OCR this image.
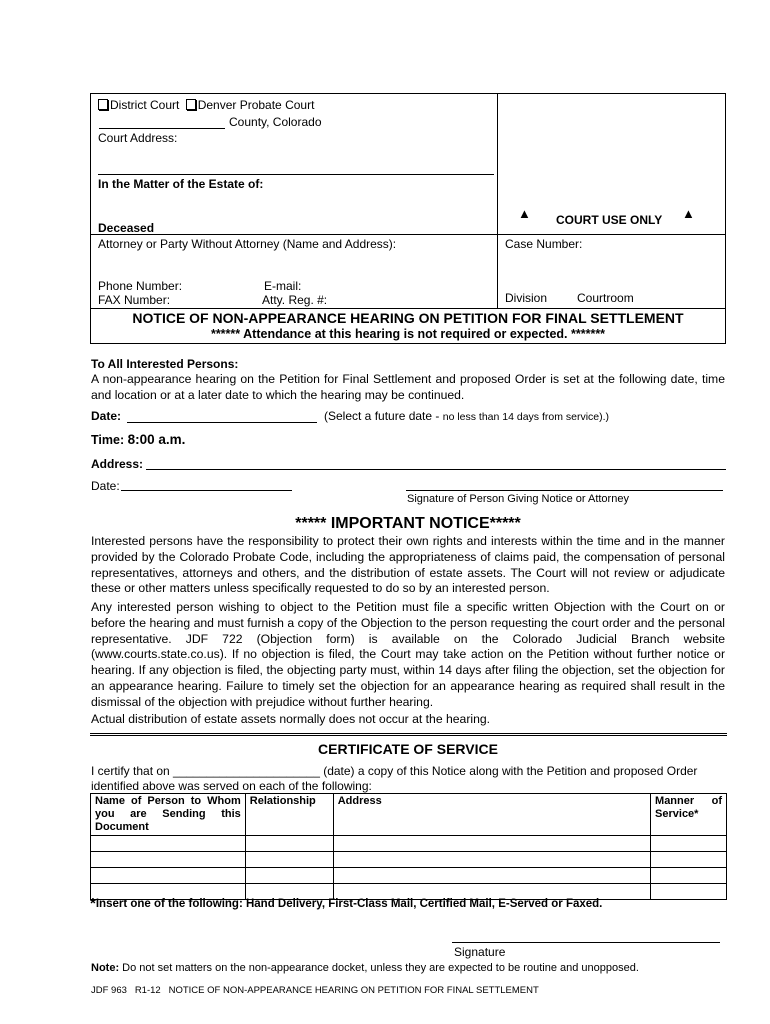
District Court Denver Probate Court
County, Colorado
Court Address:
In the Matter of the Estate of:
Deceased
Attorney or Party Without Attorney (Name and Address):
Phone Number:	E-mail:
FAX Number:	Atty. Reg. #:
▲ COURT USE ONLY ▲
Case Number:
Division Courtroom
NOTICE OF NON-APPEARANCE HEARING ON PETITION FOR FINAL SETTLEMENT
****** Attendance at this hearing is not required or expected. *******
To All Interested Persons:
A non-appearance hearing on the Petition for Final Settlement and proposed Order is set at the following date, time and location or at a later date to which the hearing may be continued.
Date:	(Select a future date - no less than 14 days from service).)
Time: 8:00 a.m.
Address:
Date:
Signature of Person Giving Notice or Attorney
***** IMPORTANT NOTICE*****
Interested persons have the responsibility to protect their own rights and interests within the time and in the manner provided by the Colorado Probate Code, including the appropriateness of claims paid, the compensation of personal representatives, attorneys and others, and the distribution of estate assets. The Court will not review or adjudicate these or other matters unless specifically requested to do so by an interested person.
Any interested person wishing to object to the Petition must file a specific written Objection with the Court on or before the hearing and must furnish a copy of the Objection to the person requesting the court order and the personal representative. JDF 722 (Objection form) is available on the Colorado Judicial Branch website (www.courts.state.co.us). If no objection is filed, the Court may take action on the Petition without further notice or hearing. If any objection is filed, the objecting party must, within 14 days after filing the objection, set the objection for an appearance hearing. Failure to timely set the objection for an appearance hearing as required shall result in the dismissal of the objection with prejudice without further hearing.
Actual distribution of estate assets normally does not occur at the hearing.
CERTIFICATE OF SERVICE
I certify that on ______________________ (date) a copy of this Notice along with the Petition and proposed Order
identified above was served on each of the following:
Name of Person to Whom you are Sending this Document	Relationship	Address	Manner of Service*

*Insert one of the following: Hand Delivery, First-Class Mail, Certified Mail, E-Served or Faxed.
Signature
Note: Do not set matters on the non-appearance docket, unless they are expected to be routine and unopposed.
JDF 963   R1-12   NOTICE OF NON-APPEARANCE HEARING ON PETITION FOR FINAL SETTLEMENT
